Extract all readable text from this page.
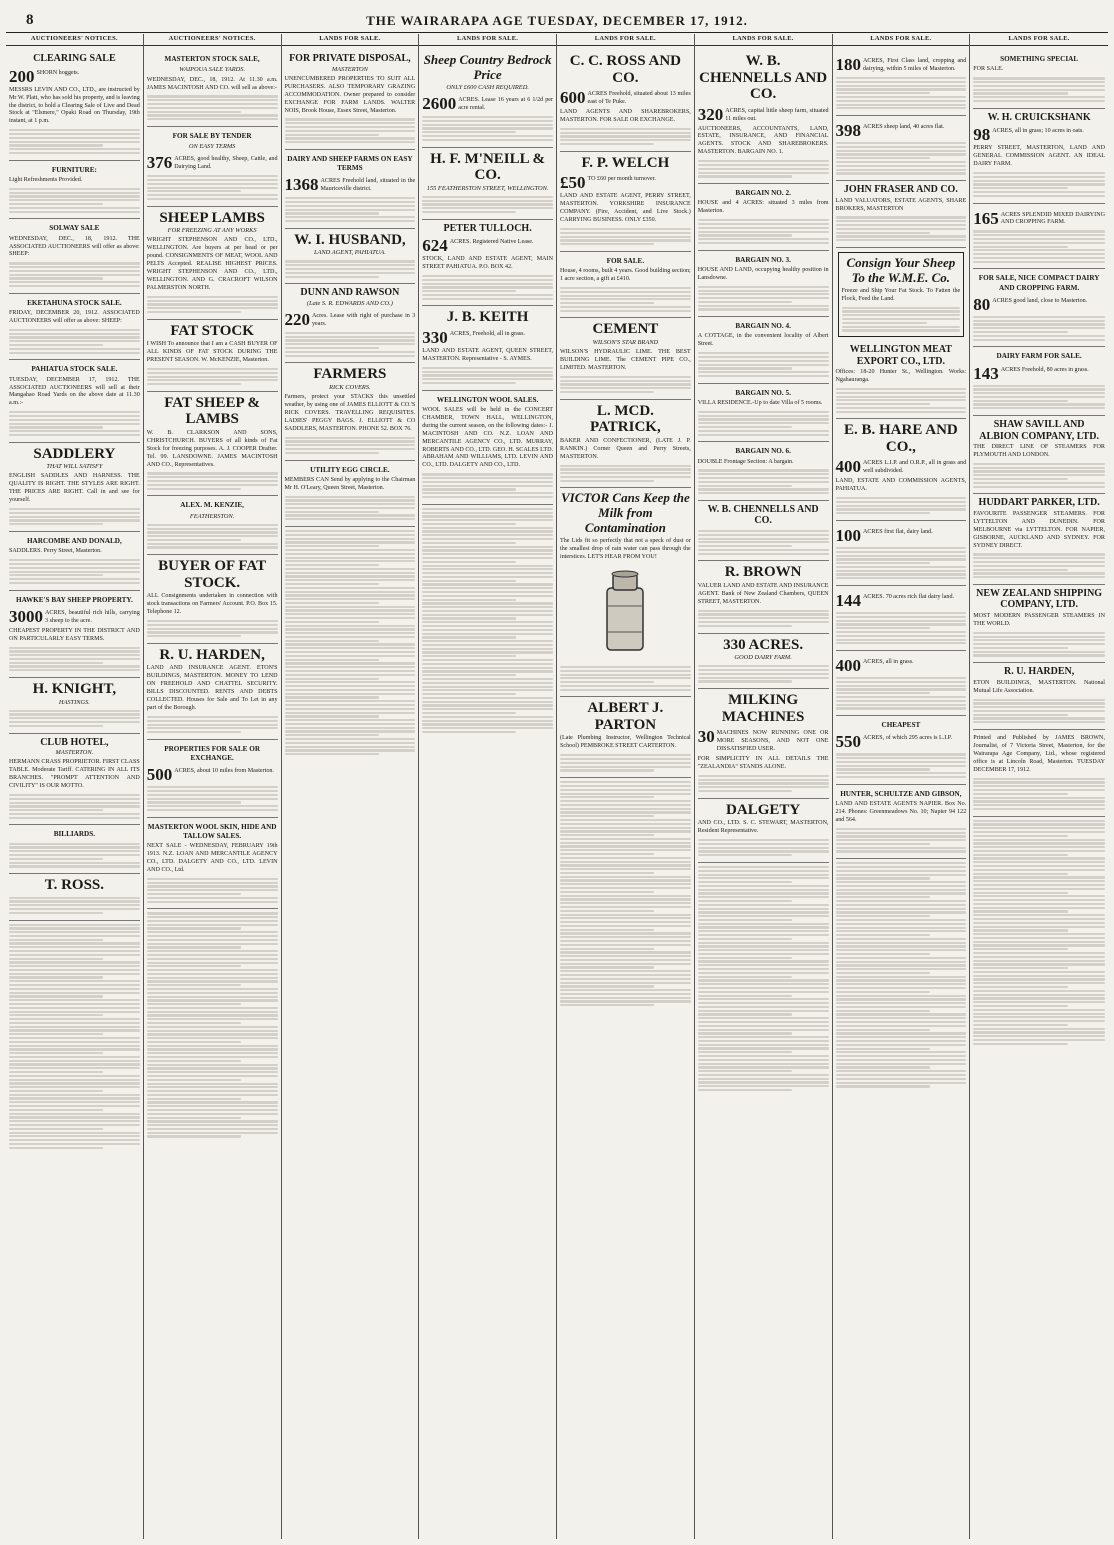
8	THE WAIRARAPA AGE TUESDAY, DECEMBER 17, 1912.
AUCTIONEERS' NOTICES.
CLEARING SALE
200 SHORN hoggets.
MESSRS LEVIN AND CO., LTD., are instructed by Mr W. Platt, who has sold his property, and is leaving the district, to hold a Clearing Sale of Live and Dead Stock at "Elsmere," Opaki Road on Thursday, 19th instant, at 1 p.m.
FURNITURE:
Light Refreshments Provided.
SOLWAY SALE
WEDNESDAY, DEC., 18, 1912. THE ASSOCIATED AUCTIONEERS will offer as above: SHEEP:
EKETAHUNA STOCK SALE.
FRIDAY, DECEMBER 20, 1912. ASSOCIATED AUCTIONEERS will offer as above: SHEEP:
PAHIATUA STOCK SALE.
TUESDAY, DECEMBER 17, 1912. THE ASSOCIATED AUCTIONEERS will sell at their Mangahao Road Yards on the above date at 11.30 a.m.:-
SADDLERY
THAT WILL SATISFY
ENGLISH SADDLES AND HARNESS. THE QUALITY IS RIGHT. THE STYLES ARE RIGHT. THE PRICES ARE RIGHT. Call in and see for yourself.
HARCOMBE AND DONALD,
SADDLERS. Perry Street, Masterton.
HAWKE'S BAY SHEEP PROPERTY.
3000 ACRES, beautiful rich hills, carrying 3 sheep to the acre.
CHEAPEST PROPERTY IN THE DISTRICT AND ON PARTICULARLY EASY TERMS.
H. KNIGHT,
HASTINGS.
CLUB HOTEL,
MASTERTON.
HERMANN CRASS PROPRIETOR. FIRST CLASS TABLE. Moderate Tariff. CATERING IN ALL ITS BRANCHES. "PROMPT ATTENTION AND CIVILITY" IS OUR MOTTO.
BILLIARDS.
T. ROSS.
AUCTIONEERS' NOTICES.
MASTERTON STOCK SALE,
WAIPOUA SALE YARDS.
WEDNESDAY, DEC., 18, 1912. At 11.30 a.m. JAMES MACINTOSH AND CO. will sell as above:-
FOR SALE BY TENDER
ON EASY TERMS
376 ACRES, good healthy, Sheep, Cattle, and Dairying Land.
SHEEP LAMBS
FOR FREEZING AT ANY WORKS
WRIGHT STEPHENSON AND CO., LTD., WELLINGTON. Are buyers at per head or per pound. CONSIGNMENTS OF MEAT, WOOL AND PELTS Accepted. REALISE HIGHEST PRICES. WRIGHT STEPHENSON AND CO., LTD., WELLINGTON. AND G. CRACROFT WILSON PALMERSTON NORTH.
FAT STOCK
I WISH To announce that I am a CASH BUYER OF ALL KINDS OF FAT STOCK DURING THE PRESENT SEASON. W. McKENZIE, Masterton.
FAT SHEEP & LAMBS
W. B. CLARKSON AND SONS, CHRISTCHURCH. BUYERS of all kinds of Fat Stock for freezing purposes. A. J. COOPER Drafter. Tel. 99. LANSDOWNE. JAMES MACINTOSH AND CO., Representatives.
ALEX. M. KENZIE,
FEATHERSTON.
BUYER OF FAT STOCK.
ALL Consignments undertaken in connection with stock transactions on Farmers' Account. P.O. Box 15. Telephone 12.
R. U. HARDEN,
LAND AND INSURANCE AGENT. ETON'S BUILDINGS, MASTERTON. MONEY TO LEND ON FREEHOLD AND CHATTEL SECURITY. BILLS DISCOUNTED. RENTS AND DEBTS COLLECTED. Houses for Sale and To Let in any part of the Borough.
PROPERTIES FOR SALE OR EXCHANGE.
500 ACRES, about 10 miles from Masterton.
MASTERTON WOOL SKIN, HIDE AND TALLOW SALES.
NEXT SALE - WEDNESDAY, FEBRUARY 19th 1913. N.Z. LOAN AND MERCANTILE AGENCY CO., LTD. DALGETY AND CO., LTD. LEVIN AND CO., Ltd.
LANDS FOR SALE.
FOR PRIVATE DISPOSAL,
MASTERTON
UNENCUMBERED PROPERTIES TO SUIT ALL PURCHASERS. ALSO TEMPORARY GRAZING ACCOMMODATION. Owner prepared to consider EXCHANGE FOR FARM LANDS. WALTER NOIS, Brook House, Essex Street, Masterton.
DAIRY AND SHEEP FARMS ON EASY TERMS
1368 ACRES Freehold land, situated in the Mauriceville district.
W. I. HUSBAND,
LAND AGENT, PAHIATUA.
DUNN AND RAWSON
(Late S. R. EDWARDS AND CO.)
220 Acres. Lease with right of purchase in 3 years.
FARMERS
RICK COVERS.
Farmers, protect your STACKS this unsettled weather, by using one of JAMES ELLIOTT & CO.'S RICK COVERS. TRAVELLING REQUISITES. LADIES' PEGGY BAGS. J. ELLIOTT & CO SADDLERS, MASTERTON. PHONE 52. BOX 76.
UTILITY EGG CIRCLE.
MEMBERS CAN Send by applying to the Chairman Mr H. O'Leary, Queen Street, Masterton.
LANDS FOR SALE.
Sheep Country Bedrock Price
ONLY £600 CASH REQUIRED.
2600 ACRES. Lease 16 years at 6 1/2d per acre rental.
H. F. M'NEILL & CO.
155 FEATHERSTON STREET, WELLINGTON.
PETER TULLOCH.
624 ACRES. Registered Native Lease.
STOCK, LAND AND ESTATE AGENT, MAIN STREET PAHIATUA. P.O. BOX 42.
J. B. KEITH
330 ACRES, Freehold, all in grass.
LAND AND ESTATE AGENT, QUEEN STREET, MASTERTON. Representative - S. AYMES.
WELLINGTON WOOL SALES.
WOOL SALES will be held in the CONCERT CHAMBER, TOWN HALL, WELLINGTON, during the current season, on the following dates:- J. MACINTOSH AND CO. N.Z. LOAN AND MERCANTILE AGENCY CO., LTD. MURRAY, ROBERTS AND CO., LTD. GEO. H. SCALES LTD. ABRAHAM AND WILLIAMS, LTD. LEVIN AND CO., LTD. DALGETY AND CO., LTD.
LANDS FOR SALE.
C. C. ROSS AND CO.
600 ACRES Freehold, situated about 13 miles east of Te Puke.
LAND AGENTS AND SHAREBROKERS, MASTERTON. FOR SALE OR EXCHANGE.
F. P. WELCH
£50 TO £60 per month turnover.
LAND AND ESTATE AGENT, PERRY STREET, MASTERTON. YORKSHIRE INSURANCE COMPANY. (Fire, Accident, and Live Stock.) CARRYING BUSINESS. ONLY £350.
FOR SALE.
House, 4 rooms, built 4 years. Good building section; 1 acre section, a gift at £410.
CEMENT
WILSON'S STAR BRAND
WILSON'S HYDRAULIC LIME. THE BEST BUILDING LIME. The CEMENT PIPE CO., LIMITED. MASTERTON.
L. MCD. PATRICK,
BAKER AND CONFECTIONER, (LATE J. P. RANKIN.) Corner Queen and Perry Streets, MASTERTON.
VICTOR Cans Keep the Milk from Contamination
The Lids fit so perfectly that not a speck of dust or the smallest drop of rain water can pass through the interstices. LET'S HEAR FROM YOU!
ALBERT J. PARTON
(Late Plumbing Instructor, Wellington Technical School) PEMBROKE STREET CARTERTON.
LANDS FOR SALE.
W. B. CHENNELLS AND CO.
320 ACRES, capital little sheep farm, situated 11 miles out.
AUCTIONEERS, ACCOUNTANTS, LAND, ESTATE, INSURANCE, AND FINANCIAL AGENTS. STOCK AND SHAREBROKERS. MASTERTON. BARGAIN NO. 1.
BARGAIN NO. 2.
HOUSE and 4 ACRES: situated 3 miles from Masterton.
BARGAIN NO. 3.
HOUSE AND LAND, occupying healthy position in Lansdowne.
BARGAIN NO. 4.
A COTTAGE, in the convenient locality of Albert Street.
BARGAIN NO. 5.
VILLA RESIDENCE.-Up to date Villa of 5 rooms.
BARGAIN NO. 6.
DOUBLE Frontage Section: A bargain.
W. B. CHENNELLS AND CO.
R. BROWN
VALUER LAND AND ESTATE AND INSURANCE AGENT. Bank of New Zealand Chambers, QUEEN STREET, MASTERTON.
330 ACRES.
GOOD DAIRY FARM.
MILKING MACHINES
30 MACHINES NOW RUNNING ONE OR MORE SEASONS, AND NOT ONE DISSATISFIED USER.
FOR SIMPLICITY IN ALL DETAILS THE "ZEALANDIA" STANDS ALONE.
DALGETY
AND CO., LTD. S. C. STEWART, MASTERTON, Resident Representative.
LANDS FOR SALE.
180 ACRES, First Class land, cropping and dairying, within 5 miles of Masterton.
398 ACRES sheep land, 40 acres flat.
JOHN FRASER AND CO.
LAND VALUATORS, ESTATE AGENTS, SHARE BROKERS, MASTERTON
Consign Your Sheep To the W.M.E. Co.
Freeze and Ship Your Fat Stock. To Fatten the Flock, Feed the Land.
WELLINGTON MEAT EXPORT CO., LTD.
Offices: 18-20 Hunter St., Wellington. Works: Ngahauranga.
E. B. HARE AND CO.,
400 ACRES L.I.P. and O.R.P., all in grass and well subdivided.
LAND, ESTATE AND COMMISSION AGENTS, PAHIATUA.
100 ACRES first flat, dairy land.
144 ACRES. 70 acres rich flat dairy land.
400 ACRES, all in grass.
CHEAPEST
550 ACRES, of which 295 acres is L.I.P.
HUNTER, SCHULTZE AND GIBSON,
LAND AND ESTATE AGENTS NAPIER. Box No. 214. Phones: Greenmeadows No. 10; Napier 94 122 and 564.
LANDS FOR SALE.
SOMETHING SPECIAL
FOR SALE.
W. H. CRUICKSHANK
98 ACRES, all in grass; 10 acres in oats.
PERRY STREET, MASTERTON, LAND AND GENERAL COMMISSION AGENT. AN IDEAL DAIRY FARM.
165 ACRES SPLENDID MIXED DAIRYING AND CROPPING FARM.
FOR SALE, NICE COMPACT DAIRY AND CROPPING FARM.
80 ACRES good land, close to Masterton.
DAIRY FARM FOR SALE.
143 ACRES Freehold, 80 acres in grass.
SHAW SAVILL AND ALBION COMPANY, LTD.
THE DIRECT LINE OF STEAMERS FOR PLYMOUTH AND LONDON.
HUDDART PARKER, LTD.
FAVOURITE PASSENGER STEAMERS. FOR LYTTELTON AND DUNEDIN. FOR MELBOURNE via LYTTELTON. FOR NAPIER, GISBORNE, AUCKLAND AND SYDNEY. FOR SYDNEY DIRECT.
NEW ZEALAND SHIPPING COMPANY, LTD.
MOST MODERN PASSENGER STEAMERS IN THE WORLD.
R. U. HARDEN,
ETON BUILDINGS, MASTERTON. National Mutual Life Association.
Printed and Published by JAMES BROWN, Journalist, of 7 Victoria Street, Masterton, for the Wairarapa Age Company, Ltd., whose registered office is at Lincoln Road, Masterton. TUESDAY DECEMBER 17, 1912.
